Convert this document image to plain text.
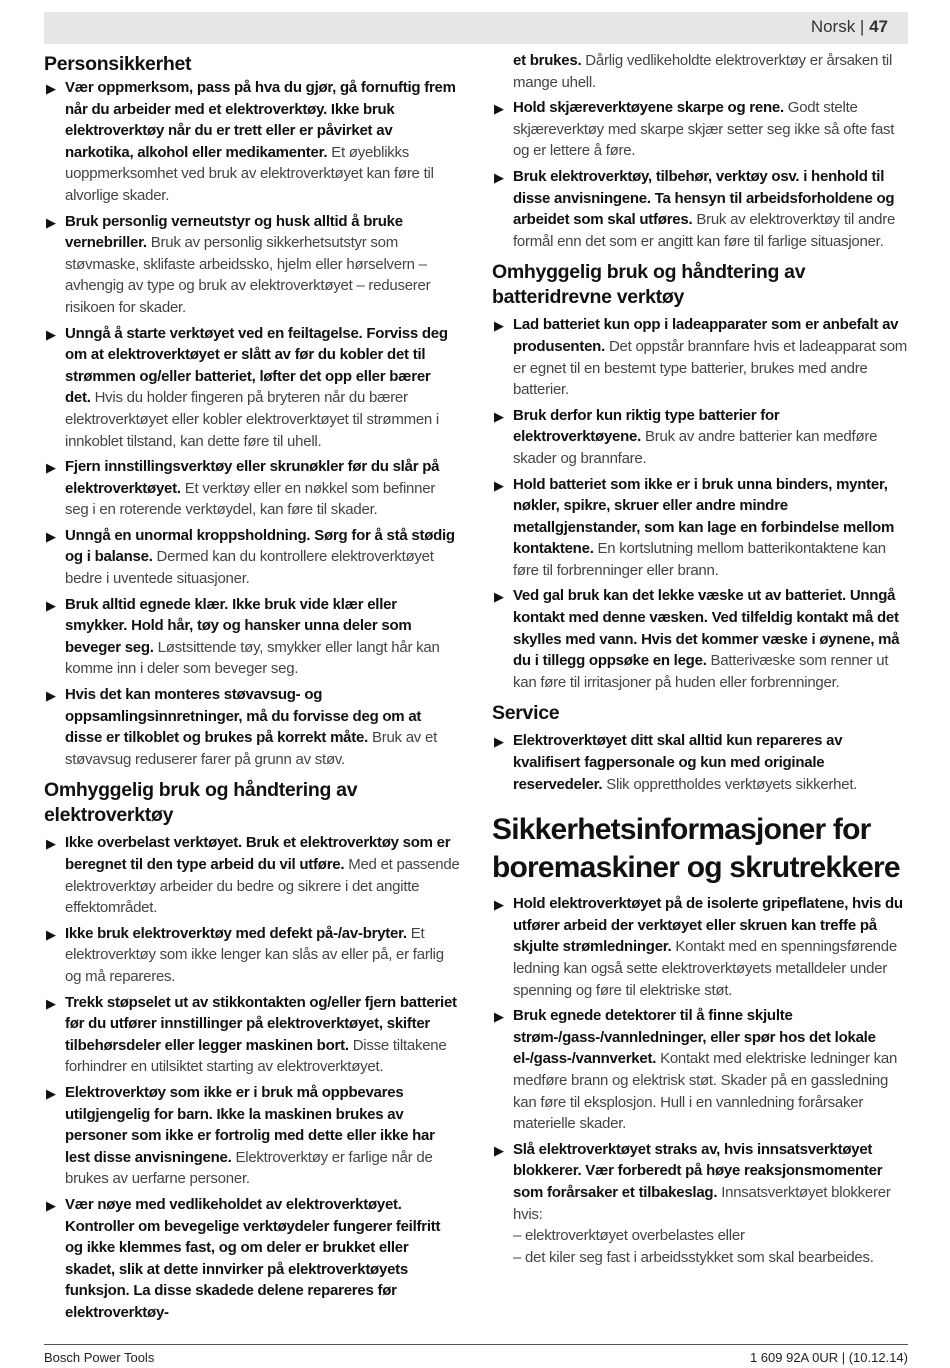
Norsk | 47
Personsikkerhet
▶ Vær oppmerksom, pass på hva du gjør, gå fornuftig frem når du arbeider med et elektroverktøy. Ikke bruk elektroverktøy når du er trett eller er påvirket av narkotika, alkohol eller medikamenter. Et øyeblikks uoppmerksomhet ved bruk av elektroverktøyet kan føre til alvorlige skader.
▶ Bruk personlig verneutstyr og husk alltid å bruke vernebriller. Bruk av personlig sikkerhetsutstyr som støvmaske, sklifaste arbeidssko, hjelm eller hørselvern – avhengig av type og bruk av elektroverktøyet – reduserer risikoen for skader.
▶ Unngå å starte verktøyet ved en feiltagelse. Forviss deg om at elektroverktøyet er slått av før du kobler det til strømmen og/eller batteriet, løfter det opp eller bærer det. Hvis du holder fingeren på bryteren når du bærer elektroverktøyet eller kobler elektroverktøyet til strømmen i innkoblet tilstand, kan dette føre til uhell.
▶ Fjern innstillingsverktøy eller skrunøkler før du slår på elektroverktøyet. Et verktøy eller en nøkkel som befinner seg i en roterende verktøydel, kan føre til skader.
▶ Unngå en unormal kroppsholdning. Sørg for å stå stødig og i balanse. Dermed kan du kontrollere elektroverktøyet bedre i uventede situasjoner.
▶ Bruk alltid egnede klær. Ikke bruk vide klær eller smykker. Hold hår, tøy og hansker unna deler som beveger seg. Løstsittende tøy, smykker eller langt hår kan komme inn i deler som beveger seg.
▶ Hvis det kan monteres støvavsug- og oppsamlingsinnretninger, må du forvisse deg om at disse er tilkoblet og brukes på korrekt måte. Bruk av et støvavsug reduserer farer på grunn av støv.
Omhyggelig bruk og håndtering av elektroverktøy
▶ Ikke overbelast verktøyet. Bruk et elektroverktøy som er beregnet til den type arbeid du vil utføre. Med et passende elektroverktøy arbeider du bedre og sikrere i det angitte effektområdet.
▶ Ikke bruk elektroverktøy med defekt på-/av-bryter. Et elektroverktøy som ikke lenger kan slås av eller på, er farlig og må repareres.
▶ Trekk støpselet ut av stikkontakten og/eller fjern batteriet før du utfører innstillinger på elektroverktøyet, skifter tilbehørsdeler eller legger maskinen bort. Disse tiltakene forhindrer en utilsiktet starting av elektroverktøyet.
▶ Elektroverktøy som ikke er i bruk må oppbevares utilgjengelig for barn. Ikke la maskinen brukes av personer som ikke er fortrolig med dette eller ikke har lest disse anvisningene. Elektroverktøy er farlige når de brukes av uerfarne personer.
▶ Vær nøye med vedlikeholdet av elektroverktøyet. Kontroller om bevegelige verktøydeler fungerer feilfritt og ikke klemmes fast, og om deler er brukket eller skadet, slik at dette innvirker på elektroverktøyets funksjon. La disse skadede delene repareres før elektroverktøy-
et brukes. Dårlig vedlikeholdte elektroverktøy er årsaken til mange uhell.
▶ Hold skjæreverktøyene skarpe og rene. Godt stelte skjæreverktøy med skarpe skjær setter seg ikke så ofte fast og er lettere å føre.
▶ Bruk elektroverktøy, tilbehør, verktøy osv. i henhold til disse anvisningene. Ta hensyn til arbeidsforholdene og arbeidet som skal utføres. Bruk av elektroverktøy til andre formål enn det som er angitt kan føre til farlige situasjoner.
Omhyggelig bruk og håndtering av batteridrevne verktøy
▶ Lad batteriet kun opp i ladeapparater som er anbefalt av produsenten. Det oppstår brannfare hvis et ladeapparat som er egnet til en bestemt type batterier, brukes med andre batterier.
▶ Bruk derfor kun riktig type batterier for elektroverktøyene. Bruk av andre batterier kan medføre skader og brannfare.
▶ Hold batteriet som ikke er i bruk unna binders, mynter, nøkler, spikre, skruer eller andre mindre metallgjenstander, som kan lage en forbindelse mellom kontaktene. En kortslutning mellom batterikontaktene kan føre til forbrenninger eller brann.
▶ Ved gal bruk kan det lekke væske ut av batteriet. Unngå kontakt med denne væsken. Ved tilfeldig kontakt må det skylles med vann. Hvis det kommer væske i øynene, må du i tillegg oppsøke en lege. Batterivæske som renner ut kan føre til irritasjoner på huden eller forbrenninger.
Service
▶ Elektroverktøyet ditt skal alltid kun repareres av kvalifisert fagpersonale og kun med originale reservedeler. Slik opprettholdes verktøyets sikkerhet.
Sikkerhetsinformasjoner for boremaskiner og skrutrekkere
▶ Hold elektroverktøyet på de isolerte gripeflatene, hvis du utfører arbeid der verktøyet eller skruen kan treffe på skjulte strømledninger. Kontakt med en spenningsførende ledning kan også sette elektroverktøyets metalldeler under spenning og føre til elektriske støt.
▶ Bruk egnede detektorer til å finne skjulte strøm-/gass-/vannledninger, eller spør hos det lokale el-/gass-/vannverket. Kontakt med elektriske ledninger kan medføre brann og elektrisk støt. Skader på en gassledning kan føre til eksplosjon. Hull i en vannledning forårsaker materielle skader.
▶ Slå elektroverktøyet straks av, hvis innsatsverktøyet blokkerer. Vær forberedt på høye reaksjonsmomenter som forårsaker et tilbakeslag. Innsatsverktøyet blokkerer hvis:
– elektroverktøyet overbelastes eller
– det kiler seg fast i arbeidsstykket som skal bearbeides.
Bosch Power Tools	1 609 92A 0UR | (10.12.14)
